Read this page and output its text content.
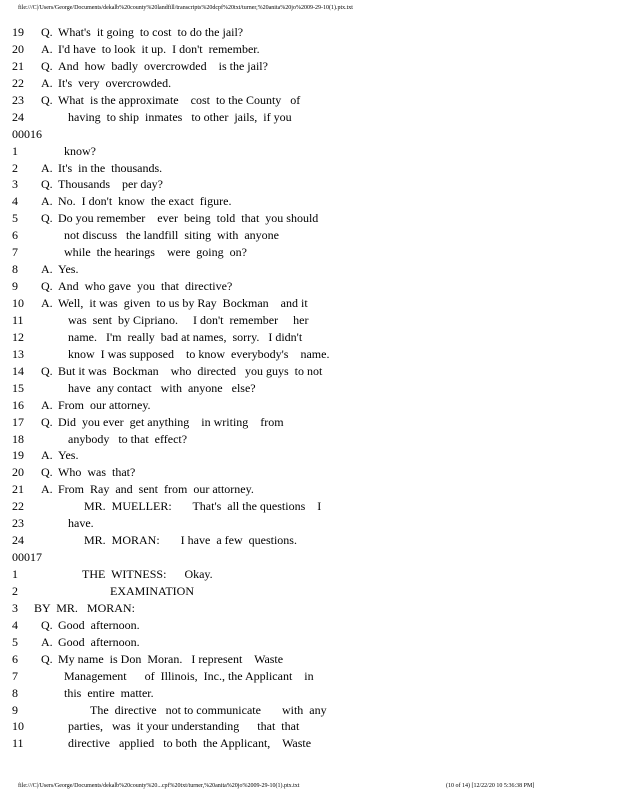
file:///C|/Users/George/Documents/dekalb%20county%20landfill/transcripts%20dcpf%20txt/turner,%20anita%20jo%2009-29-10(1).ptx.txt
19 Q. What's  it going  to cost  to do the jail?
20 A. I'd have  to look  it up.  I don't  remember.
21 Q. And  how  badly  overcrowded    is the jail?
22 A. It's  very  overcrowded.
23 Q. What  is the approximate    cost  to the County   of
24	having  to ship  inmates   to other  jails,  if you
00016
1	know?
2 A. It's  in the  thousands.
3 Q. Thousands    per day?
4 A. No.  I don't  know  the exact  figure.
5 Q. Do you remember    ever  being  told  that  you should
6	not discuss   the landfill  siting  with  anyone
7	while  the hearings    were  going  on?
8 A. Yes.
9 Q. And  who gave  you  that  directive?
10 A. Well,  it was  given  to us by Ray  Bockman    and it
11	was  sent  by Cipriano.     I don't  remember     her
12	name.   I'm  really  bad at names,  sorry.   I didn't
13	know  I was supposed    to know  everybody's    name.
14 Q. But it was  Bockman    who  directed   you guys  to not
15	have  any contact   with  anyone   else?
16 A. From  our attorney.
17 Q. Did  you ever  get anything    in writing    from
18	anybody   to that  effect?
19 A. Yes.
20 Q. Who  was  that?
21 A. From  Ray  and  sent  from  our attorney.
22	MR.  MUELLER:       That's  all the questions    I
23	have.
24	MR.  MORAN:       I have  a few  questions.
00017
1	THE  WITNESS:      Okay.
2	EXAMINATION
3 BY  MR.   MORAN:
4 Q. Good  afternoon.
5 A. Good  afternoon.
6 Q. My name  is Don  Moran.   I represent    Waste
7	Management      of  Illinois,  Inc., the Applicant    in
8	this  entire  matter.
9	The  directive   not to communicate       with  any
10	parties,   was  it your understanding      that  that
11	directive   applied   to both  the Applicant,    Waste
file:///C|/Users/George/Documents/dekalb%20county%20...cpf%20txt/turner,%20anita%20jo%2009-29-10(1).ptx.txt	(10 of 14) [12/22/20 10 5:36:38 PM]
